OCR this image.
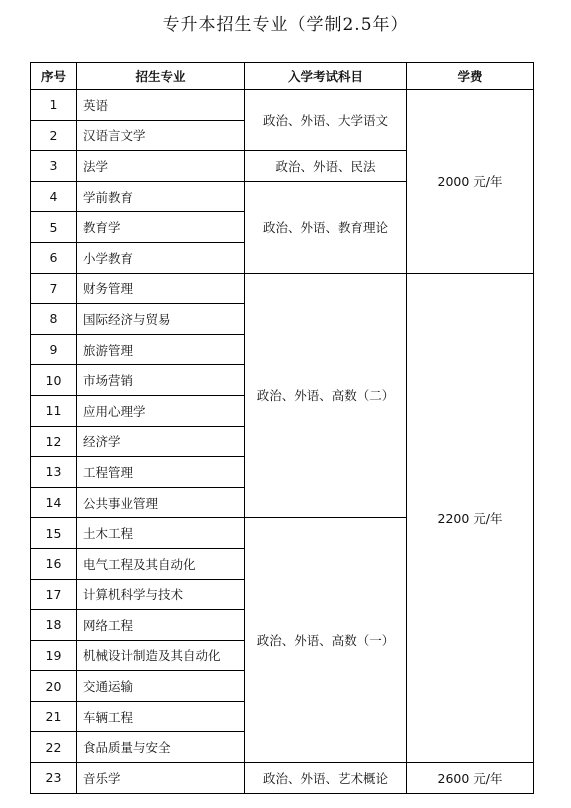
专升本招生专业（学制2.5年）
序号	招生专业	入学考试科目	学费
1	英语	政治、外语、大学语文	2000 元/年
2	汉语言文学		
3	法学	政治、外语、民法	
4	学前教育	政治、外语、教育理论	
5	教育学		
6	小学教育		
7	财务管理	政治、外语、高数（二）	2200 元/年
8	国际经济与贸易		
9	旅游管理		
10	市场营销		
11	应用心理学		
12	经济学		
13	工程管理		
14	公共事业管理		
15	土木工程	政治、外语、高数（一）	
16	电气工程及其自动化		
17	计算机科学与技术		
18	网络工程		
19	机械设计制造及其自动化		
20	交通运输		
21	车辆工程		
22	食品质量与安全		
23	音乐学	政治、外语、艺术概论	2600 元/年
